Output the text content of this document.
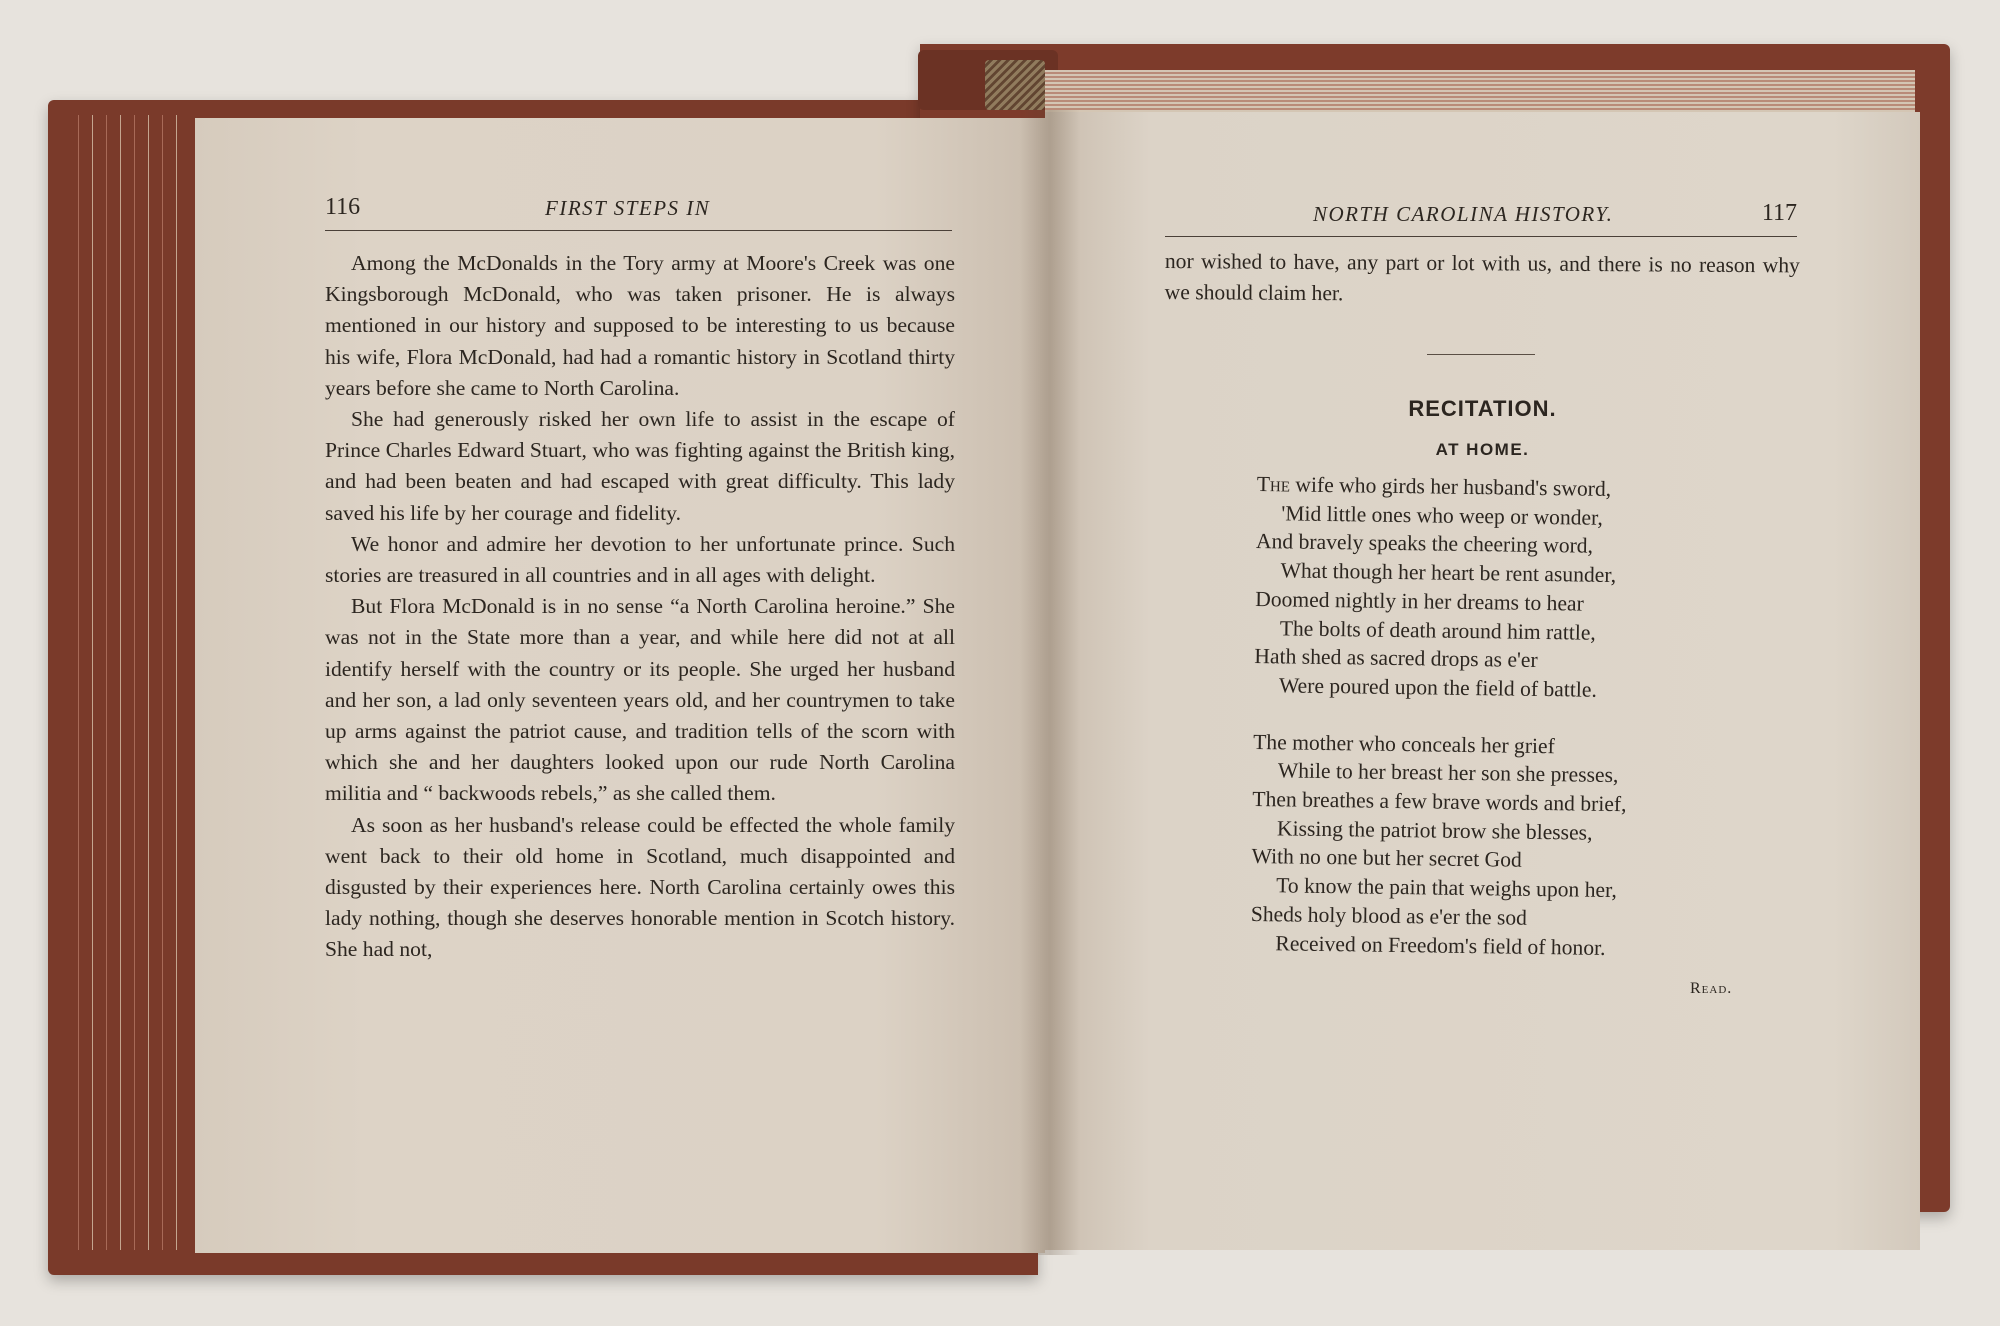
116	FIRST STEPS IN

Among the McDonalds in the Tory army at Moore's Creek was one Kingsborough McDonald, who was taken prisoner. He is always mentioned in our history and supposed to be interesting to us because his wife, Flora McDonald, had had a romantic history in Scotland thirty years before she came to North Carolina.

She had generously risked her own life to assist in the escape of Prince Charles Edward Stuart, who was fighting against the British king, and had been beaten and had escaped with great difficulty. This lady saved his life by her courage and fidelity.

We honor and admire her devotion to her unfortunate prince. Such stories are treasured in all countries and in all ages with delight.

But Flora McDonald is in no sense “a North Carolina heroine.” She was not in the State more than a year, and while here did not at all identify herself with the country or its people. She urged her husband and her son, a lad only seventeen years old, and her countrymen to take up arms against the patriot cause, and tradition tells of the scorn with which she and her daughters looked upon our rude North Carolina militia and “ backwoods rebels,” as she called them.

As soon as her husband's release could be effected the whole family went back to their old home in Scotland, much disappointed and disgusted by their experiences here. North Carolina certainly owes this lady nothing, though she deserves honorable mention in Scotch history. She had not,

NORTH CAROLINA HISTORY.	117
nor wished to have, any part or lot with us, and there is no reason why we should claim her.
RECITATION.
AT HOME.
The wife who girds her husband's sword,
'Mid little ones who weep or wonder,
And bravely speaks the cheering word,
What though her heart be rent asunder,
Doomed nightly in her dreams to hear
The bolts of death around him rattle,
Hath shed as sacred drops as e'er
Were poured upon the field of battle.
The mother who conceals her grief
While to her breast her son she presses,
Then breathes a few brave words and brief,
Kissing the patriot brow she blesses,
With no one but her secret God
To know the pain that weighs upon her,
Sheds holy blood as e'er the sod
Received on Freedom's field of honor.
Read.
